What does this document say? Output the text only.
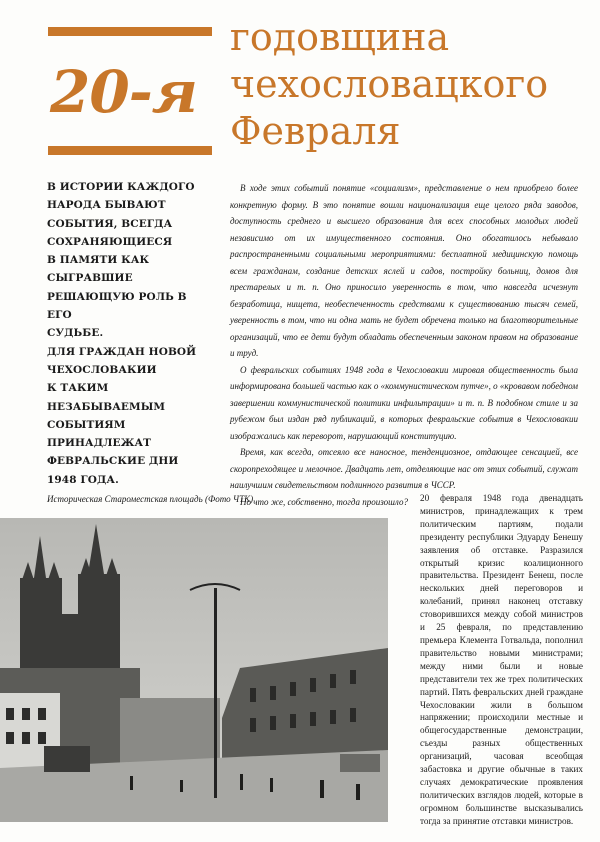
20-я
годовщина
чехословацкого
Февраля
В ИСТОРИИ КАЖДОГО
НАРОДА БЫВАЮТ
СОБЫТИЯ, ВСЕГДА
СОХРАНЯЮЩИЕСЯ
В ПАМЯТИ КАК
СЫГРАВШИЕ
РЕШАЮЩУЮ РОЛЬ В ЕГО
СУДЬБЕ.
ДЛЯ ГРАЖДАН НОВОЙ
ЧЕХОСЛОВАКИИ
К ТАКИМ
НЕЗАБЫВАЕМЫМ
СОБЫТИЯМ
ПРИНАДЛЕЖАТ
ФЕВРАЛЬСКИЕ ДНИ
1948 ГОДА.

В ходе этих событий понятие «социализм», представление о нем приобрело более конкретную форму. В это понятие вошли национализация еще целого ряда заводов, доступность среднего и высшего образования для всех способных молодых людей независимо от их имущественного состояния. Оно обогатилось небывало распространенными социальными мероприятиями: бесплатной медицинскую помощь всем гражданам, создание детских яслей и садов, постройку больниц, домов для престарелых и т. п. Оно приносило уверенность в том, что навсегда исчезнут безработица, нищета, необеспеченность средствами к существованию тысяч семей, уверенность в том, что ни одна мать не будет обречена только на благотворительные организаций, что ее дети будут обладать обеспеченным законом правом на образование и труд.

О февральских событиях 1948 года в Чехословакии мировая общественность была информирована большей частью как о «коммунистическом путче», о «кровавом победном завершении коммунистической политики инфильтрации» и т. п. В подобном стиле и за рубежом был издан ряд публикаций, в которых февральские события в Чехословакии изображались как переворот, нарушающий конституцию.

Время, как всегда, отсеяло все наносное, тенденциозное, отдающее сенсацией, все скоропреходящее и мелочное. Двадцать лет, отделяющие нас от этих событий, служат наилучшим свидетельством подлинного развития в ЧССР.

Но что же, собственно, тогда произошло?

Историческая Староместская площадь (Фото ЧТК)	20 февраля 1948 года двенадцать министров, принадлежащих к трем политическим партиям, подали президенту республики Эдуарду Бенешу заявления об отставке. Разразился открытый кризис коалиционного правительства. Президент Бенеш, после нескольких дней переговоров и колебаний, принял наконец отставку стоворившихся между собой министров и 25 февраля, по представлению премьера Клемента Готвальда, пополнил правительство новыми министрами; между ними были и новые представители тех же трех политических партий. Пять февральских дней граждане Чехословакии жили в большом напряжении; происходили местные и общегосударственные демонстрации, съезды разных общественных организаций, часовая всеобщая забастовка и другие обычные в таких случаях демократические проявления политических взглядов людей, которые в огромном большинстве высказывались тогда за принятие отставки министров.
